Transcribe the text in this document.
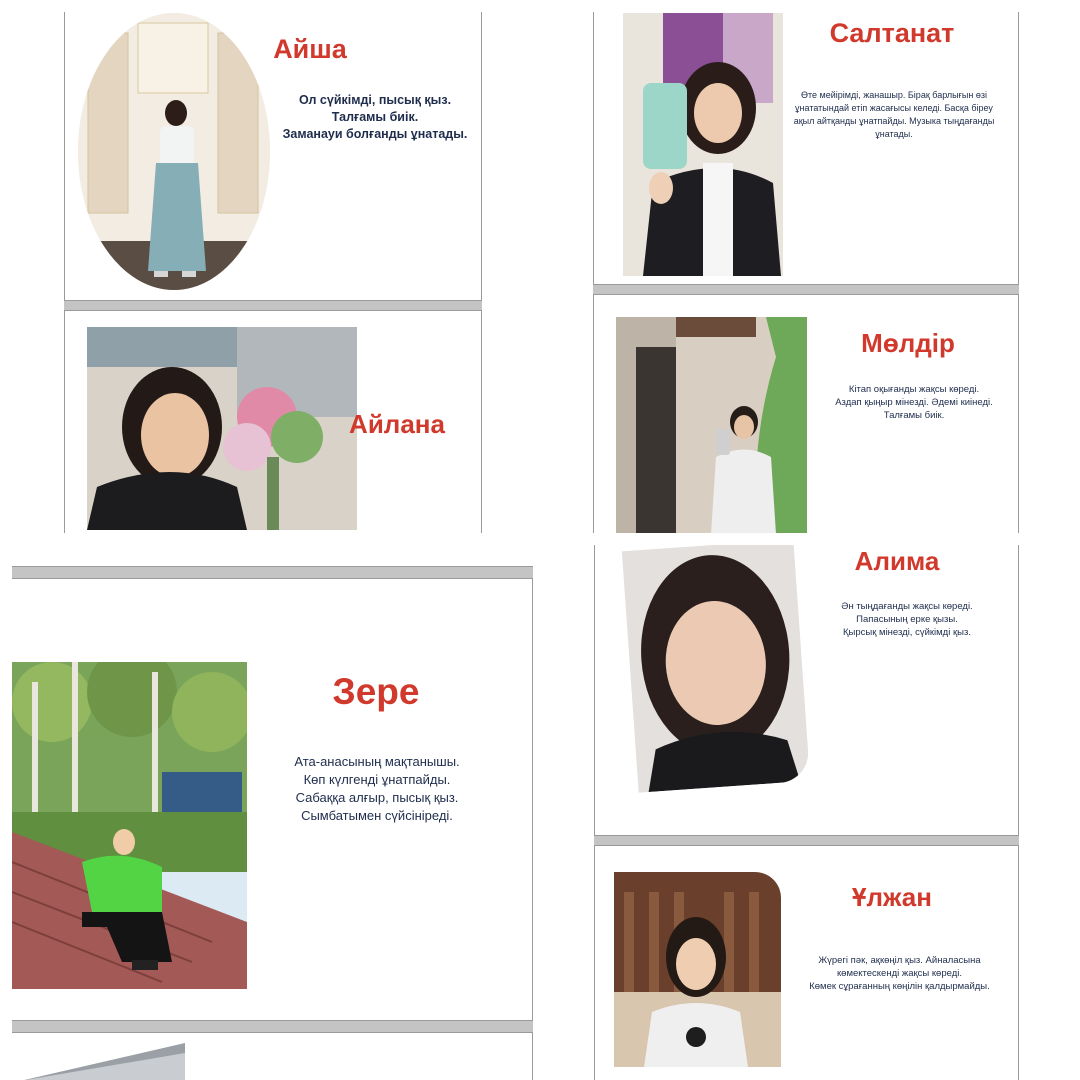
Айша
Ол сүйкімді, пысық қыз.
Талғамы биік.
Заманауи болғанды ұнатады.
Салтанат
Өте мейірімді, жанашыр. Бірақ барлығын өзі
ұнататындай етіп жасағысы келеді. Басқа біреу
ақыл айтқанды ұнатпайды. Музыка тыңдағанды
ұнатады.
Айлана
Мөлдір
Кітап оқығанды жақсы көреді.
Аздап қыңыр мінезді. Әдемі киінеді.
Талғамы биік.
Зере
Ата-анасының мақтанышы.
Көп күлгенді ұнатпайды.
Сабаққа алғыр, пысық қыз.
Сымбатымен сүйсініреді.
Алима
Ән тыңдағанды жақсы көреді.
Папасының ерке қызы.
Қырсық мінезді, сүйкімді қыз.
Ұлжан
Жүрегі пәк, ақкөңіл қыз. Айналасына
көмектескенді жақсы көреді.
Көмек сұрағанның көңілін қалдырмайды.
